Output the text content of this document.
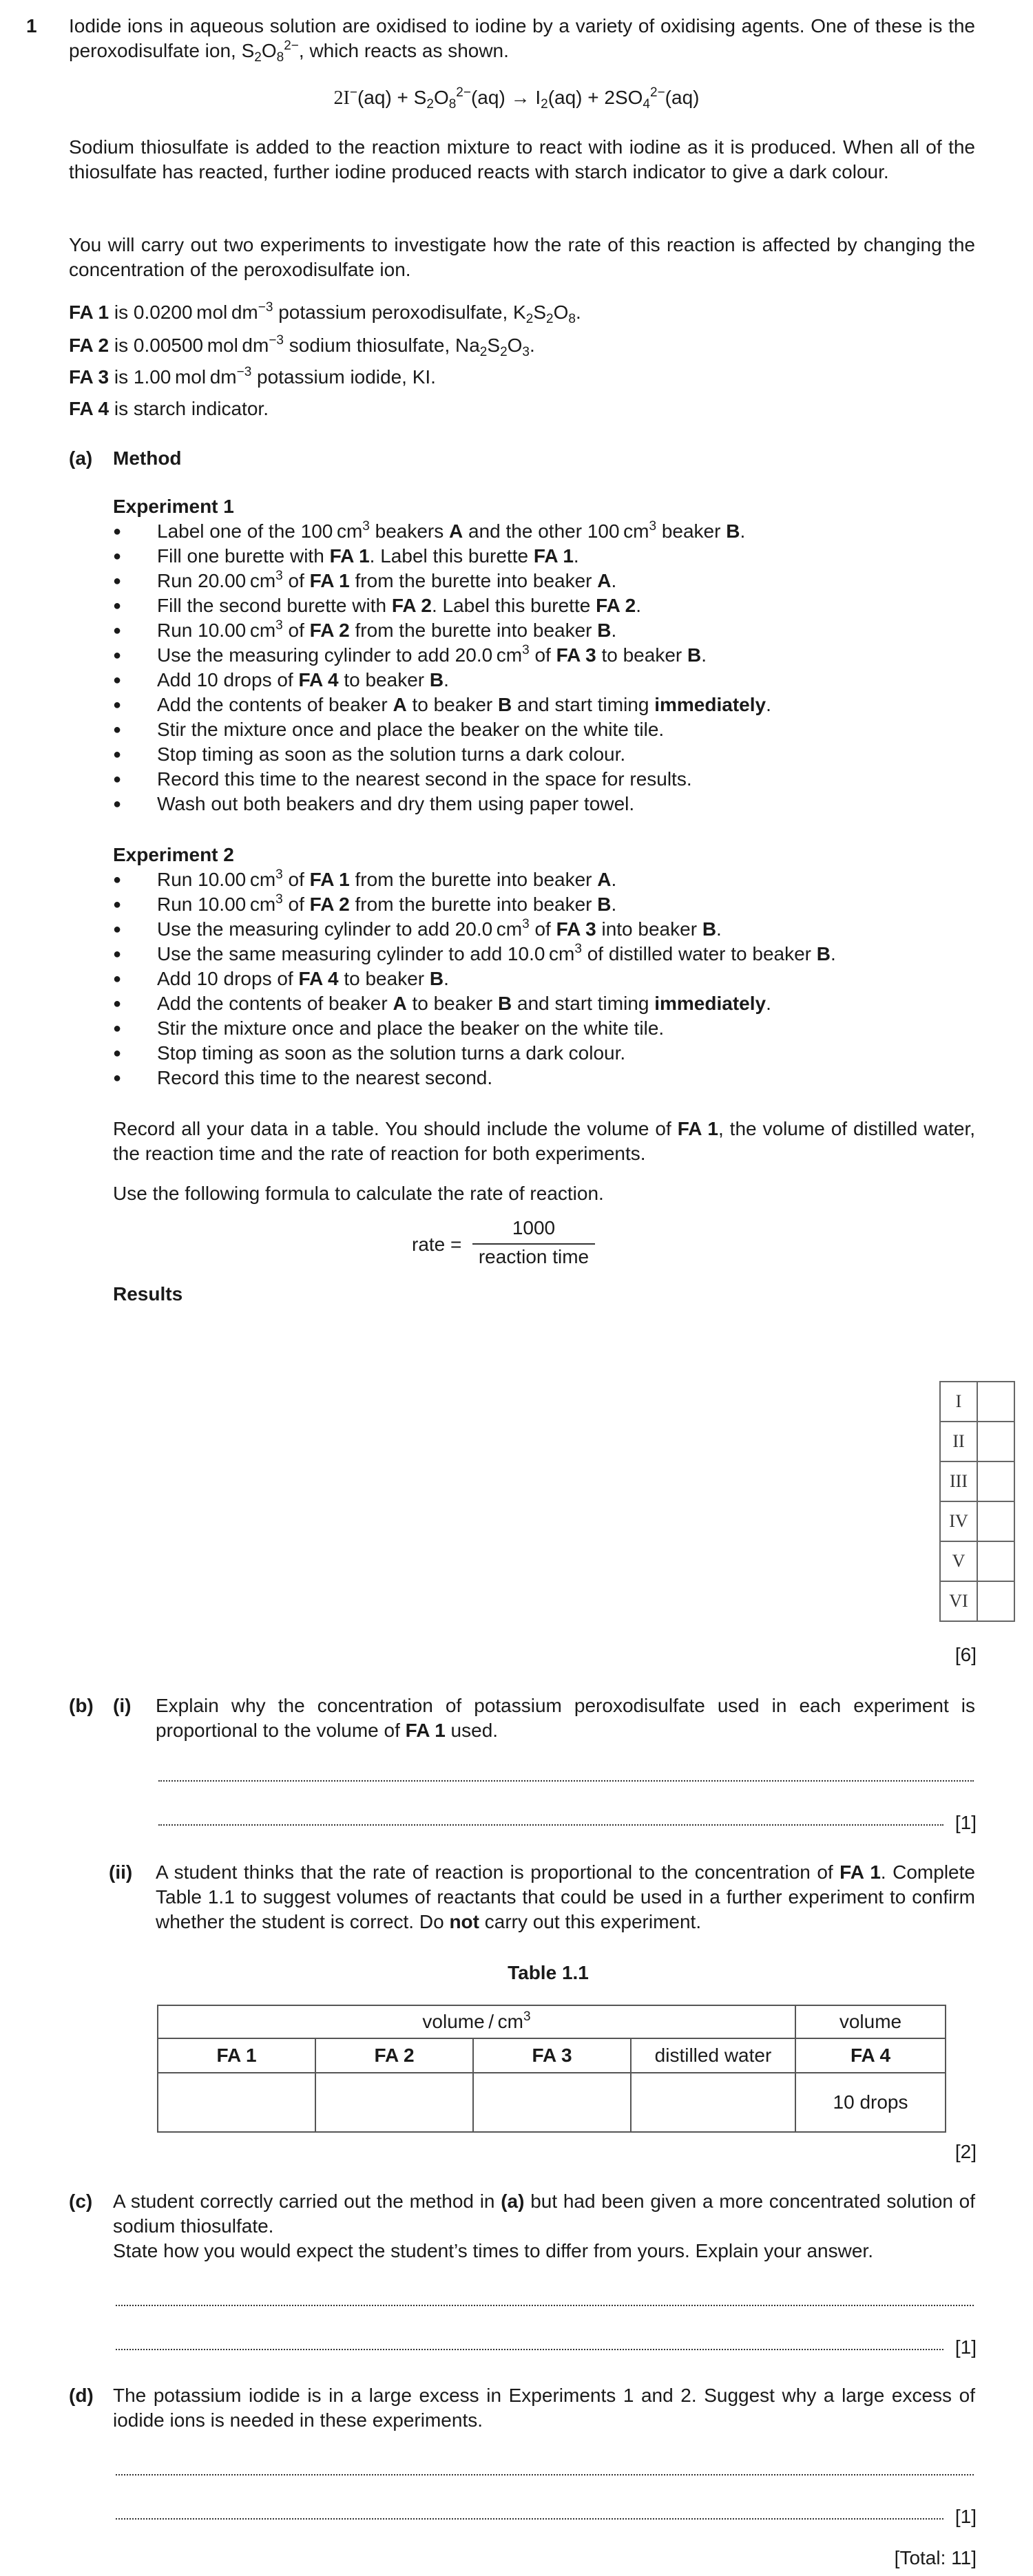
1 Iodide ions in aqueous solution are oxidised to iodine by a variety of oxidising agents. One of these is the peroxodisulfate ion, $S_2O_8^{2-}$, which reacts as shown.
$2I^-(aq) + S_2O_8^{2-}(aq) \to I_2(aq) + 2SO_4^{2-}(aq)$
Sodium thiosulfate is added to the reaction mixture to react with iodine as it is produced. When all of the thiosulfate has reacted, further iodine produced reacts with starch indicator to give a dark colour.
You will carry out two experiments to investigate how the rate of this reaction is affected by changing the concentration of the peroxodisulfate ion.
FA 1 is 0.0200 mol $dm^{-3}$ potassium peroxodisulfate, $K_2S_2O_8$.
FA 2 is 0.00500 mol $dm^{-3}$ sodium thiosulfate, $Na_2S_2O_3$.
FA 3 is 1.00 mol $dm^{-3}$ potassium iodide, KI.
FA 4 is starch indicator.
(a) Method
Experiment 1
● Label one of the 100 $cm^3$ beakers A and the other 100 $cm^3$ beaker B.
● Fill one burette with FA 1. Label this burette FA 1.
● Run 20.00 $cm^3$ of FA 1 from the burette into beaker A.
● Fill the second burette with FA 2. Label this burette FA 2.
● Run 10.00 $cm^3$ of FA 2 from the burette into beaker B.
● Use the measuring cylinder to add 20.0 $cm^3$ of FA 3 to beaker B.
● Add 10 drops of FA 4 to beaker B.
● Add the contents of beaker A to beaker B and start timing immediately.
● Stir the mixture once and place the beaker on the white tile.
● Stop timing as soon as the solution turns a dark colour.
● Record this time to the nearest second in the space for results.
● Wash out both beakers and dry them using paper towel.
Experiment 2
● Run 10.00 $cm^3$ of FA 1 from the burette into beaker A.
● Run 10.00 $cm^3$ of FA 2 from the burette into beaker B.
● Use the measuring cylinder to add 20.0 $cm^3$ of FA 3 into beaker B.
● Use the same measuring cylinder to add 10.0 $cm^3$ of distilled water to beaker B.
● Add 10 drops of FA 4 to beaker B.
● Add the contents of beaker A to beaker B and start timing immediately.
● Stir the mixture once and place the beaker on the white tile.
● Stop timing as soon as the solution turns a dark colour.
● Record this time to the nearest second.
Record all your data in a table. You should include the volume of FA 1, the volume of distilled water, the reaction time and the rate of reaction for both experiments.
Use the following formula to calculate the rate of reaction.
rate =
1000
reaction time
Results
I	
II	
III	
IV	
V	
VI	
[6]
(b) (i) Explain why the concentration of potassium peroxodisulfate used in each experiment is proportional to the volume of FA 1 used.
[1]
(ii) A student thinks that the rate of reaction is proportional to the concentration of FA 1. Complete Table 1.1 to suggest volumes of reactants that could be used in a further experiment to confirm whether the student is correct. Do not carry out this experiment.
Table 1.1
volume / $cm^3$				volume
FA 1	FA 2	FA 3	distilled water	FA 4
				10 drops
[2]
(c) A student correctly carried out the method in (a) but had been given a more concentrated solution of sodium thiosulfate.
State how you would expect the student’s times to differ from yours. Explain your answer.
[1]
(d) The potassium iodide is in a large excess in Experiments 1 and 2. Suggest why a large excess of iodide ions is needed in these experiments.
[1]
[Total: 11]
